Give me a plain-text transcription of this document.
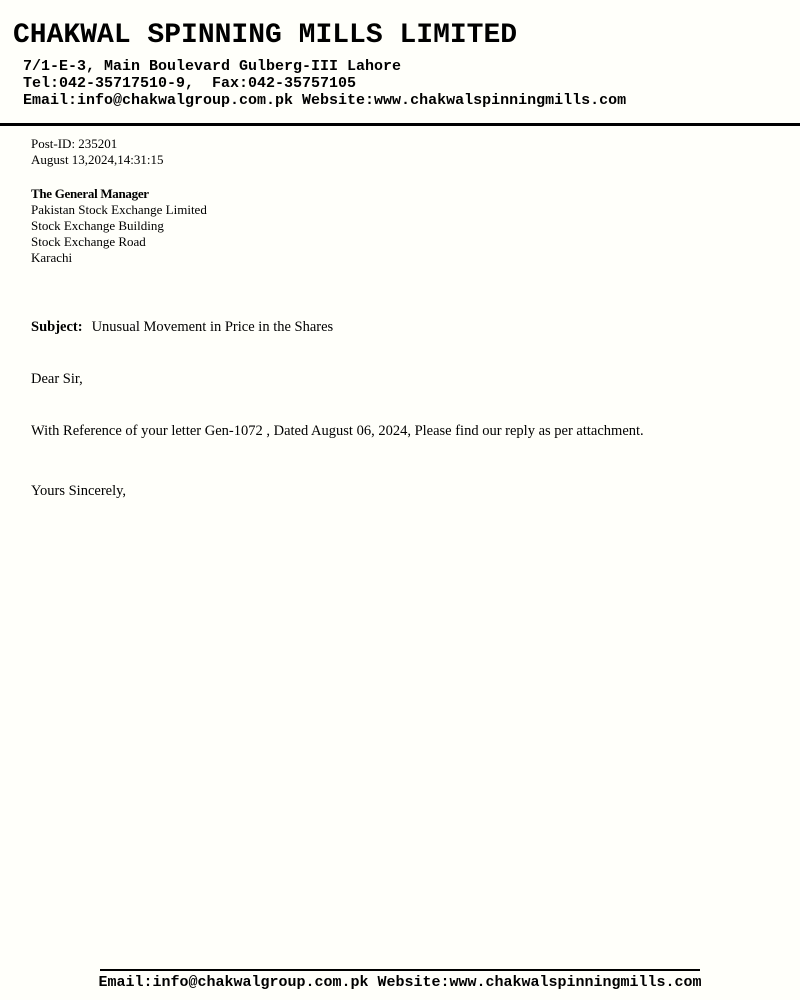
CHAKWAL SPINNING MILLS LIMITED
7/1-E-3, Main Boulevard Gulberg-III Lahore
Tel:042-35717510-9,  Fax:042-35757105
Email:info@chakwalgroup.com.pk Website:www.chakwalspinningmills.com
Post-ID: 235201
August 13,2024,14:31:15
The General Manager
Pakistan Stock Exchange Limited
Stock Exchange Building
Stock Exchange Road
Karachi
Subject: Unusual Movement in Price in the Shares
Dear Sir,
With Reference of your letter Gen-1072 , Dated August 06, 2024, Please find our reply as per attachment.
Yours Sincerely,
Email:info@chakwalgroup.com.pk Website:www.chakwalspinningmills.com
